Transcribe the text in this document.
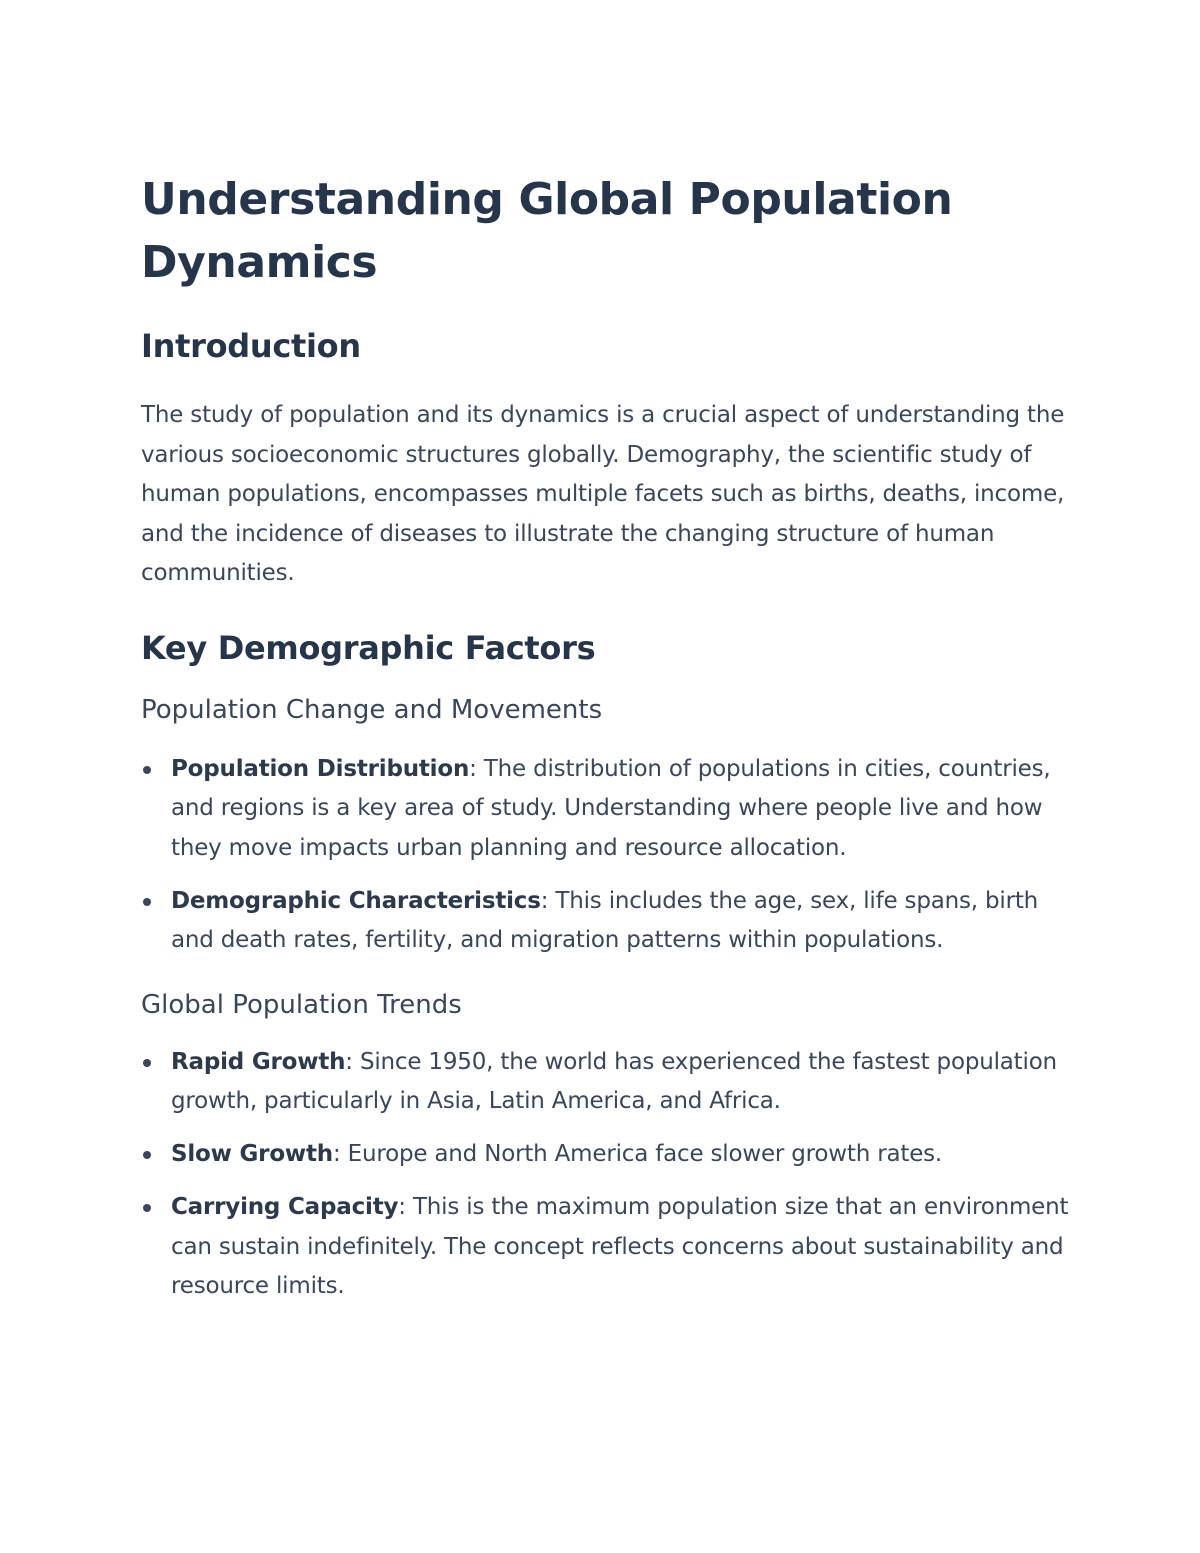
Understanding Global Population Dynamics
Introduction

The study of population and its dynamics is a crucial aspect of understanding the various socioeconomic structures globally. Demography, the scientific study of human populations, encompasses multiple facets such as births, deaths, income, and the incidence of diseases to illustrate the changing structure of human communities.

Key Demographic Factors
Population Change and Movements
Population Distribution: The distribution of populations in cities, countries, and regions is a key area of study. Understanding where people live and how they move impacts urban planning and resource allocation.
Demographic Characteristics: This includes the age, sex, life spans, birth and death rates, fertility, and migration patterns within populations.
Global Population Trends
Rapid Growth: Since 1950, the world has experienced the fastest population growth, particularly in Asia, Latin America, and Africa.
Slow Growth: Europe and North America face slower growth rates.
Carrying Capacity: This is the maximum population size that an environment can sustain indefinitely. The concept reflects concerns about sustainability and resource limits.
